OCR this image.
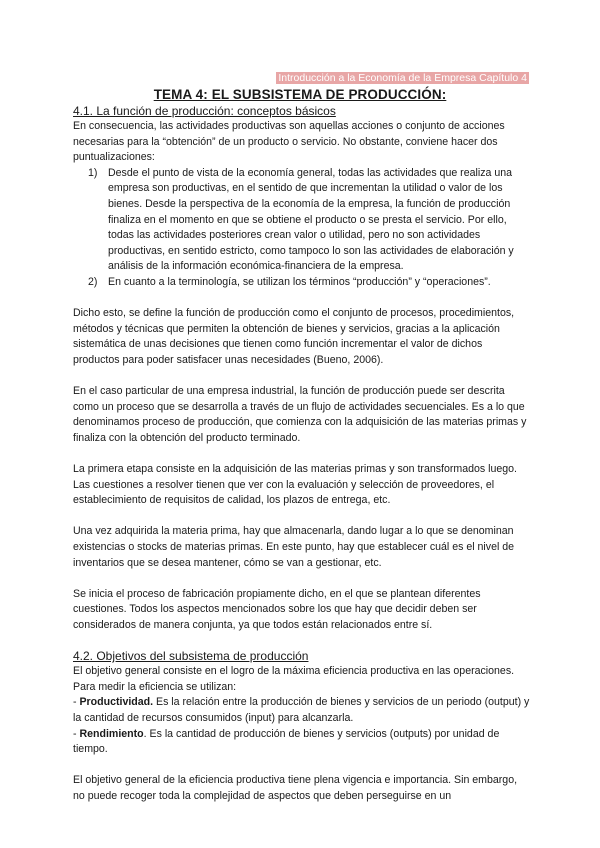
Introducción a la Economía de la Empresa Capítulo 4
TEMA 4: EL SUBSISTEMA DE PRODUCCIÓN:

4.1. La función de producción: conceptos básicos

En consecuencia, las actividades productivas son aquellas acciones o conjunto de acciones necesarias para la “obtención” de un producto o servicio. No obstante, conviene hacer dos puntualizaciones:

1) Desde el punto de vista de la economía general, todas las actividades que realiza una empresa son productivas, en el sentido de que incrementan la utilidad o valor de los bienes. Desde la perspectiva de la economía de la empresa, la función de producción finaliza en el momento en que se obtiene el producto o se presta el servicio. Por ello, todas las actividades posteriores crean valor o utilidad, pero no son actividades productivas, en sentido estricto, como tampoco lo son las actividades de elaboración y análisis de la información económica-financiera de la empresa.
2) En cuanto a la terminología, se utilizan los términos “producción” y “operaciones”.

Dicho esto, se define la función de producción como el conjunto de procesos, procedimientos, métodos y técnicas que permiten la obtención de bienes y servicios, gracias a la aplicación sistemática de unas decisiones que tienen como función incrementar el valor de dichos productos para poder satisfacer unas necesidades (Bueno, 2006).

En el caso particular de una empresa industrial, la función de producción puede ser descrita como un proceso que se desarrolla a través de un flujo de actividades secuenciales. Es a lo que denominamos proceso de producción, que comienza con la adquisición de las materias primas y finaliza con la obtención del producto terminado.

La primera etapa consiste en la adquisición de las materias primas y son transformados luego. Las cuestiones a resolver tienen que ver con la evaluación y selección de proveedores, el establecimiento de requisitos de calidad, los plazos de entrega, etc.

Una vez adquirida la materia prima, hay que almacenarla, dando lugar a lo que se denominan existencias o stocks de materias primas. En este punto, hay que establecer cuál es el nivel de inventarios que se desea mantener, cómo se van a gestionar, etc.

Se inicia el proceso de fabricación propiamente dicho, en el que se plantean diferentes cuestiones. Todos los aspectos mencionados sobre los que hay que decidir deben ser considerados de manera conjunta, ya que todos están relacionados entre sí.

4.2. Objetivos del subsistema de producción

El objetivo general consiste en el logro de la máxima eficiencia productiva en las operaciones. Para medir la eficiencia se utilizan:

- Productividad. Es la relación entre la producción de bienes y servicios de un periodo (output) y la cantidad de recursos consumidos (input) para alcanzarla.

- Rendimiento. Es la cantidad de producción de bienes y servicios (outputs) por unidad de tiempo.

El objetivo general de la eficiencia productiva tiene plena vigencia e importancia. Sin embargo, no puede recoger toda la complejidad de aspectos que deben perseguirse en un
